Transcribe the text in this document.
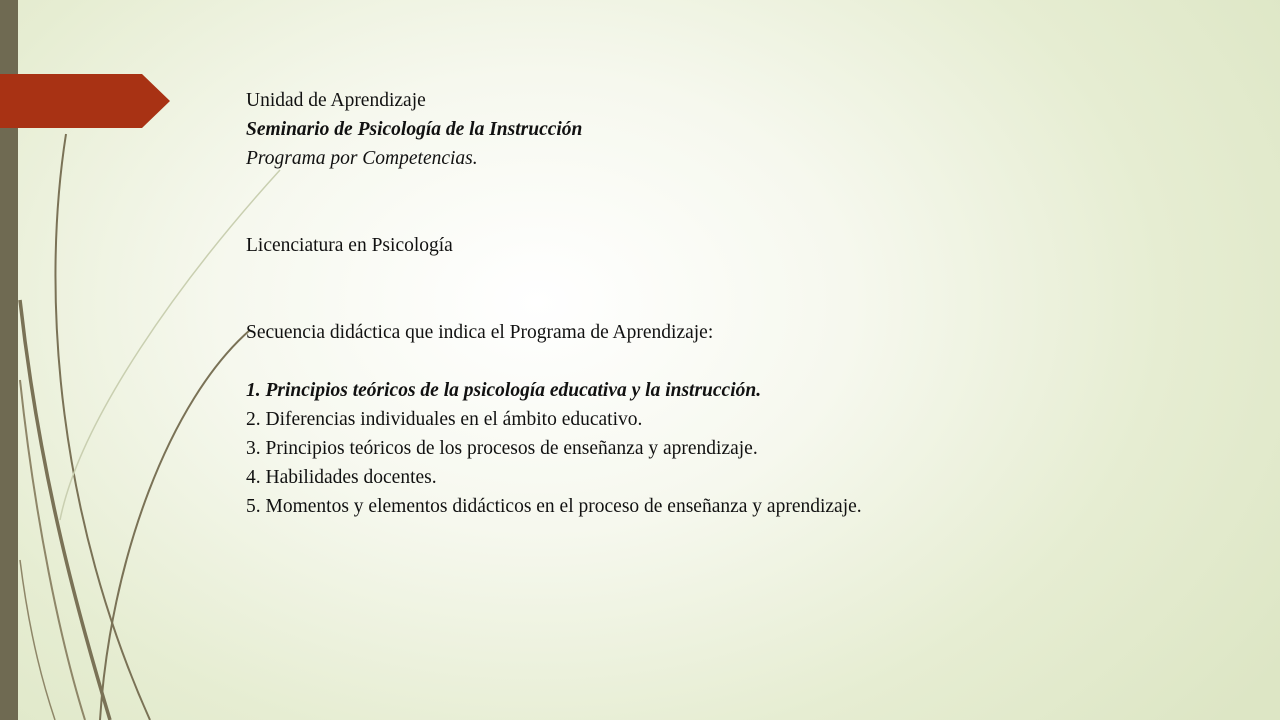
Unidad de Aprendizaje
Seminario de Psicología de la Instrucción
Programa por Competencias.
Licenciatura en Psicología
Secuencia didáctica que indica el Programa de Aprendizaje:
1. Principios teóricos de la psicología educativa y la instrucción.
2. Diferencias individuales en el ámbito educativo.
3. Principios teóricos de los procesos de enseñanza y aprendizaje.
4. Habilidades docentes.
5. Momentos y elementos didácticos en el proceso de enseñanza y aprendizaje.
